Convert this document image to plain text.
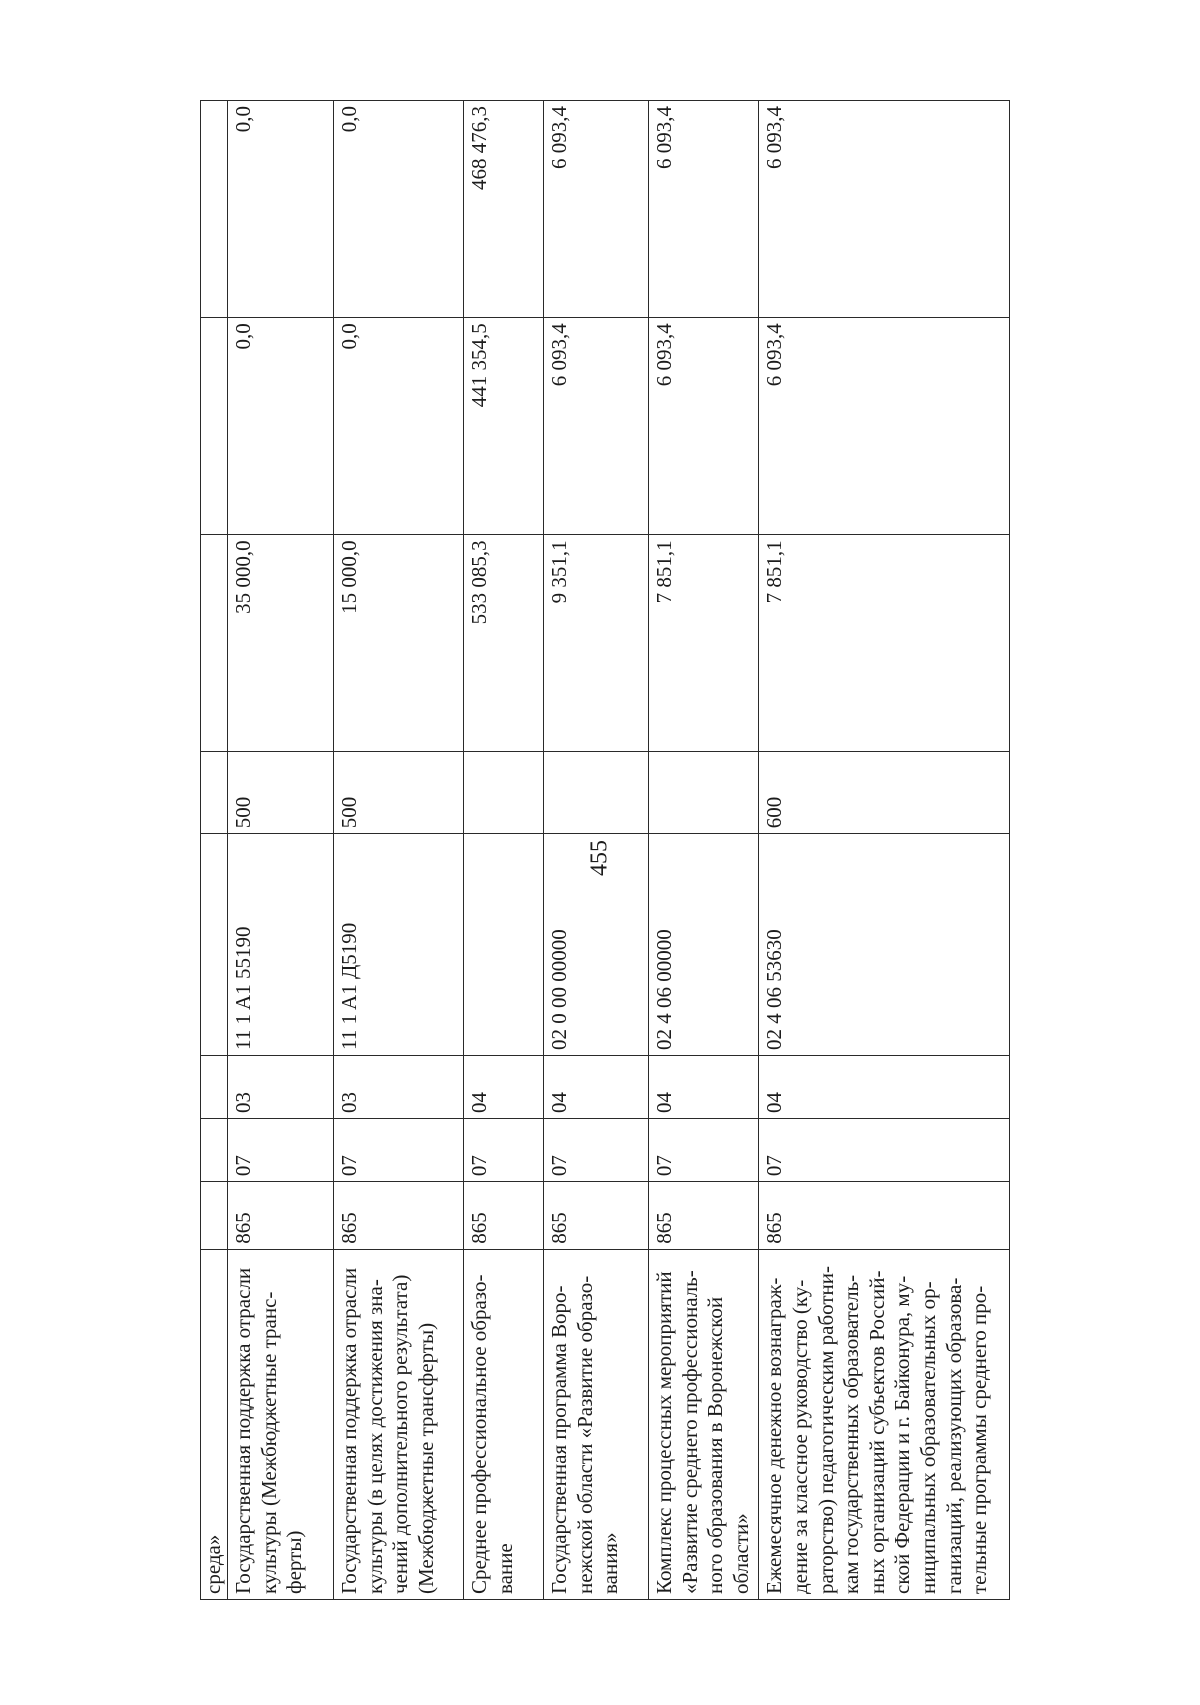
455
среда»								
Государственная поддержка отрасли культуры (Межбюджетные транс-ферты)	865	07	03	11 1 A1 55190	500	35 000,0	0,0	0,0
Государственная поддержка отрасли культуры (в целях достижения зна-чений дополнительного результата) (Межбюджетные трансферты)	865	07	03	11 1 A1 Д5190	500	15 000,0	0,0	0,0
Среднее профессиональное образо-вание	865	07	04			533 085,3	441 354,5	468 476,3
Государственная программа Воро-нежской области «Развитие образо-вания»	865	07	04	02 0 00 00000		9 351,1	6 093,4	6 093,4
Комплекс процессных мероприятий «Развитие среднего профессиональ-ного образования в Воронежской области»	865	07	04	02 4 06 00000		7 851,1	6 093,4	6 093,4
Ежемесячное денежное вознаграж-дение за классное руководство (ку-раторство) педагогическим работни-кам государственных образователь-ных организаций субъектов Россий-ской Федерации и г. Байконура, му-ниципальных образовательных ор-ганизаций, реализующих образова-тельные программы среднего про-	865	07	04	02 4 06 53630	600	7 851,1	6 093,4	6 093,4
